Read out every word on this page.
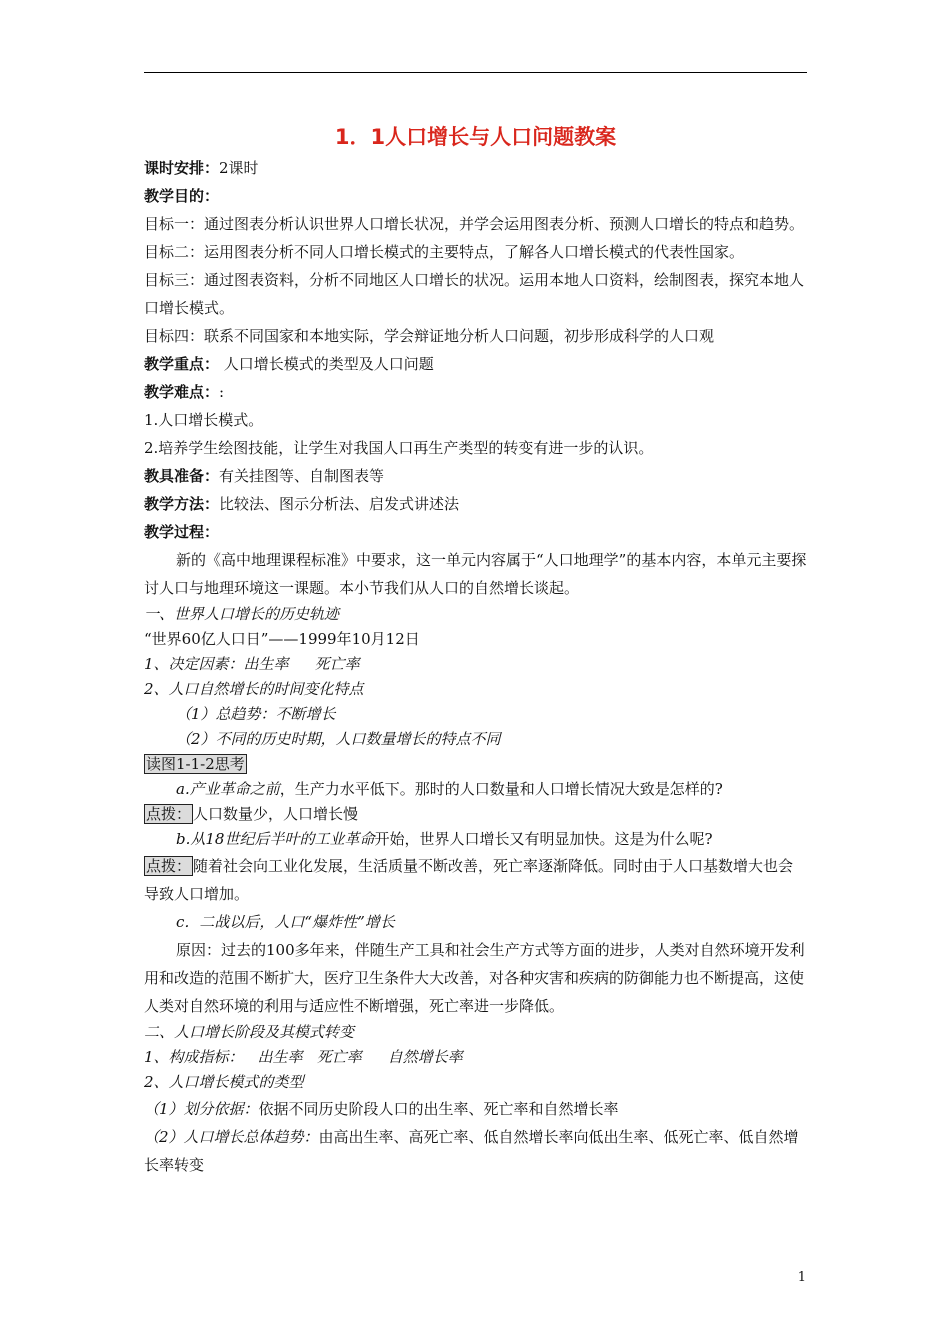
1．1人口增长与人口问题教案

课时安排：2课时

教学目的：

目标一：通过图表分析认识世界人口增长状况，并学会运用图表分析、预测人口增长的特点和趋势。

目标二：运用图表分析不同人口增长模式的主要特点，了解各人口增长模式的代表性国家。

目标三：通过图表资料，分析不同地区人口增长的状况。运用本地人口资料，绘制图表，探究本地人口增长模式。

目标四：联系不同国家和本地实际，学会辩证地分析人口问题，初步形成科学的人口观

教学重点： 人口增长模式的类型及人口问题

教学难点：:

1.人口增长模式。

2.培养学生绘图技能，让学生对我国人口再生产类型的转变有进一步的认识。

教具准备：有关挂图等、自制图表等

教学方法：比较法、图示分析法、启发式讲述法

教学过程：

新的《高中地理课程标准》中要求，这一单元内容属于“人口地理学”的基本内容，本单元主要探讨人口与地理环境这一课题。本小节我们从人口的自然增长谈起。

一、世界人口增长的历史轨迹

“世界60亿人口日”——1999年10月12日

1、决定因素：出生率 死亡率

2、人口自然增长的时间变化特点

（1）总趋势：不断增长

（2）不同的历史时期，人口数量增长的特点不同

读图1-1-2思考

a.产业革命之前，生产力水平低下。那时的人口数量和人口增长情况大致是怎样的?

点拨： 人口数量少，人口增长慢

b.从18世纪后半叶的工业革命开始，世界人口增长又有明显加快。这是为什么呢?

点拨： 随着社会向工业化发展，生活质量不断改善，死亡率逐渐降低。同时由于人口基数增大也会导致人口增加。

c．二战以后，人口“爆炸性”增长

原因：过去的100多年来，伴随生产工具和社会生产方式等方面的进步，人类对自然环境开发利用和改造的范围不断扩大，医疗卫生条件大大改善，对各种灾害和疾病的防御能力也不断提高，这使人类对自然环境的利用与适应性不断增强，死亡率进一步降低。

二、人口增长阶段及其模式转变

1、构成指标： 出生率 死亡率 自然增长率

2、人口增长模式的类型

（1）划分依据：依据不同历史阶段人口的出生率、死亡率和自然增长率

（2）人口增长总体趋势：由高出生率、高死亡率、低自然增长率向低出生率、低死亡率、低自然增长率转变

1
